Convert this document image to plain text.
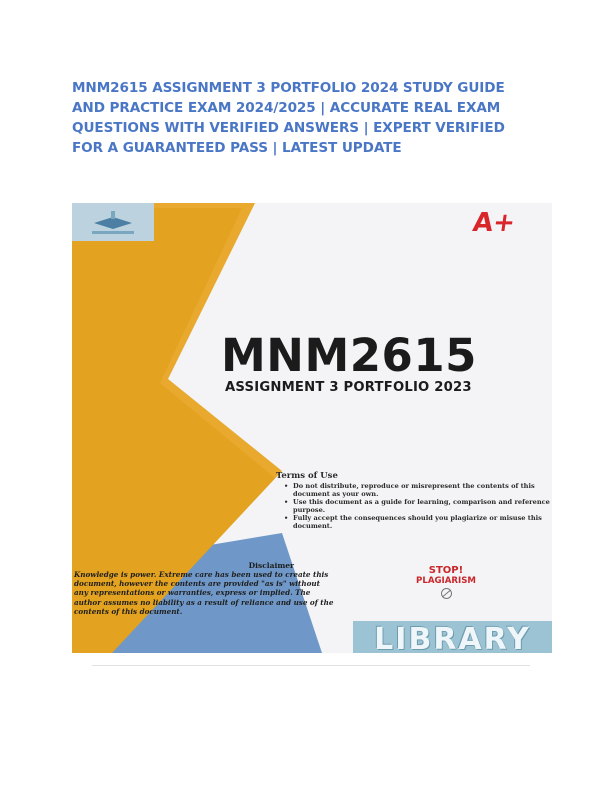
MNM2615 ASSIGNMENT 3 PORTFOLIO 2024 STUDY GUIDE
AND PRACTICE EXAM 2024/2025 | ACCURATE REAL EXAM
QUESTIONS WITH VERIFIED ANSWERS | EXPERT VERIFIED
FOR A GUARANTEED PASS | LATEST UPDATE
A+
MNM2615
ASSIGNMENT 3 PORTFOLIO 2023
Terms of Use
• Do not distribute, reproduce or misrepresent the contents of this document as your own.
• Use this document as a guide for learning, comparison and reference purpose.
• Fully accept the consequences should you plagiarize or misuse this document.
Disclaimer
Knowledge is power. Extreme care has been used to create this document, however the contents are provided "as is" without any representations or warranties, express or implied. The author assumes no liability as a result of reliance and use of the contents of this document.
STOP!
PLAGIARISM
LIBRARY
